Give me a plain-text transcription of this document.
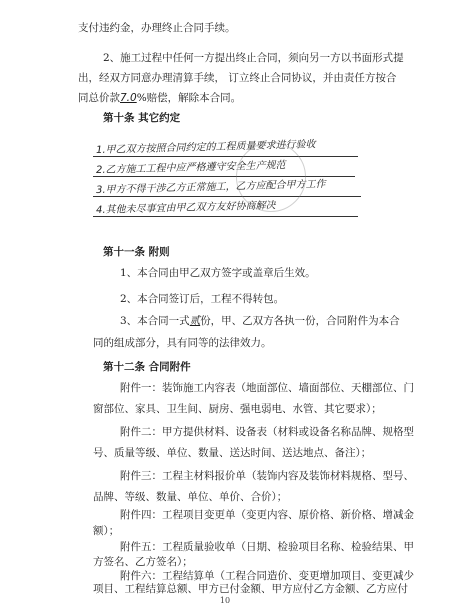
支付违约金，办理终止合同手续。
2、施工过程中任何一方提出终止合同，须向另一方以书面形式提
出，经双方同意办理清算手续， 订立终止合同协议，并由责任方按合
同总价款7.0%赔偿，解除本合同。
第十条 其它约定
1.甲乙双方按照合同约定的工程质量要求进行验收
2.乙方施工工程中应严格遵守安全生产规范
3.甲方不得干涉乙方正常施工，乙方应配合甲方工作
4.其他未尽事宜由甲乙双方友好协商解决
第十一条 附则
1、本合同由甲乙双方签字或盖章后生效。
2、本合同签订后，工程不得转包。
3、本合同一式贰份，甲、乙双方各执一份，合同附件为本合
同的组成部分，具有同等的法律效力。
第十二条 合同附件
附件一：装饰施工内容表（地面部位、墙面部位、天棚部位、门
窗部位、家具、卫生间、厨房、强电弱电、水管、其它要求）；
附件二：甲方提供材料、设备表（材料或设备名称品牌、规格型
号、质量等级、单位、数量、送达时间、送达地点、备注）；
附件三：工程主材料报价单（装饰内容及装饰材料规格、型号、
品牌、等级、数量、单位、单价、合价）；
附件四：工程项目变更单（变更内容、原价格、新价格、增减金
额）；
附件五：工程质量验收单（日期、检验项目名称、检验结果、甲
方签名、乙方签名）；
附件六：工程结算单（工程合同造价、变更增加项目、变更减少
项目、工程结算总额、甲方已付金额、甲方应付乙方金额、乙方应付
10
